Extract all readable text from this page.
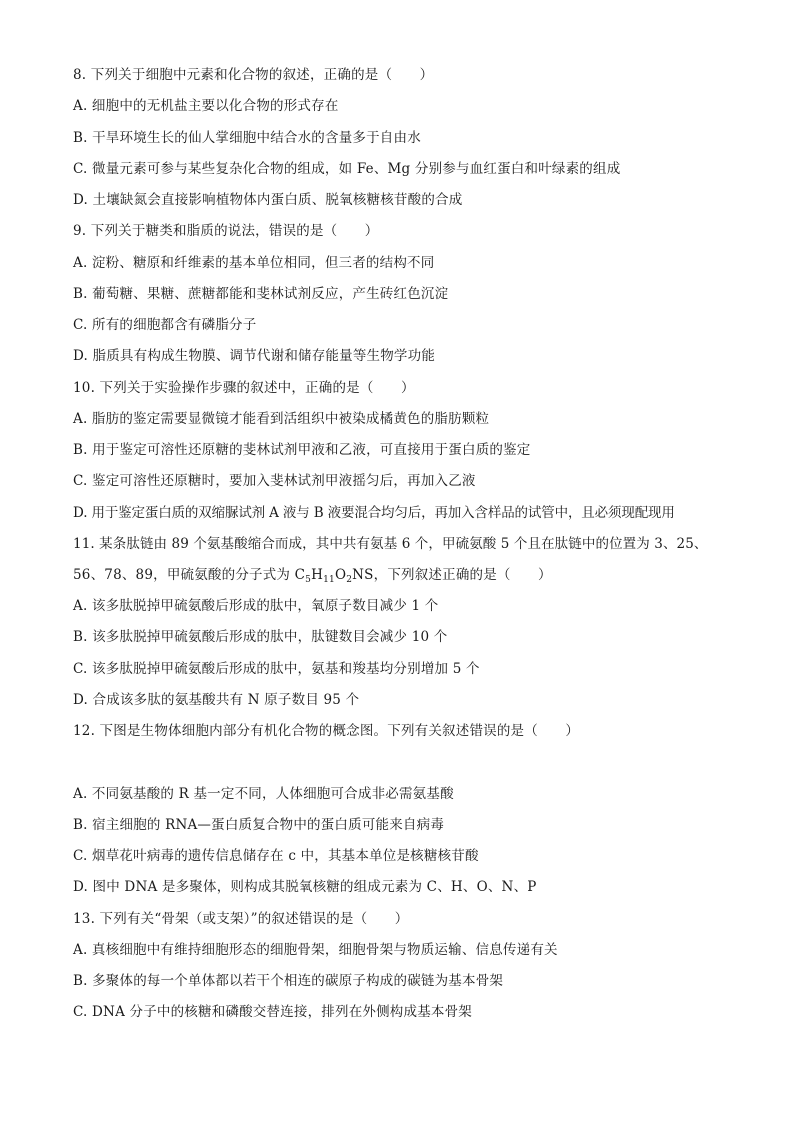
8. 下列关于细胞中元素和化合物的叙述，正确的是（　　）
A. 细胞中的无机盐主要以化合物的形式存在
B. 干旱环境生长的仙人掌细胞中结合水的含量多于自由水
C. 微量元素可参与某些复杂化合物的组成，如 Fe、Mg 分别参与血红蛋白和叶绿素的组成
D. 土壤缺氮会直接影响植物体内蛋白质、脱氧核糖核苷酸的合成
9. 下列关于糖类和脂质的说法，错误的是（　　）
A. 淀粉、糖原和纤维素的基本单位相同，但三者的结构不同
B. 葡萄糖、果糖、蔗糖都能和斐林试剂反应，产生砖红色沉淀
C. 所有的细胞都含有磷脂分子
D. 脂质具有构成生物膜、调节代谢和储存能量等生物学功能
10. 下列关于实验操作步骤的叙述中，正确的是（　　）
A. 脂肪的鉴定需要显微镜才能看到活组织中被染成橘黄色的脂肪颗粒
B. 用于鉴定可溶性还原糖的斐林试剂甲液和乙液，可直接用于蛋白质的鉴定
C. 鉴定可溶性还原糖时，要加入斐林试剂甲液摇匀后，再加入乙液
D. 用于鉴定蛋白质的双缩脲试剂 A 液与 B 液要混合均匀后，再加入含样品的试管中，且必须现配现用
11. 某条肽链由 89 个氨基酸缩合而成，其中共有氨基 6 个，甲硫氨酸 5 个且在肽链中的位置为 3、25、
56、78、89，甲硫氨酸的分子式为 $C_5H_{11}O_2NS$，下列叙述正确的是（　　）
A. 该多肽脱掉甲硫氨酸后形成的肽中，氧原子数目减少 1 个
B. 该多肽脱掉甲硫氨酸后形成的肽中，肽键数目会减少 10 个
C. 该多肽脱掉甲硫氨酸后形成的肽中，氨基和羧基均分别增加 5 个
D. 合成该多肽的氨基酸共有 N 原子数目 95 个
12. 下图是生物体细胞内部分有机化合物的概念图。下列有关叙述错误的是（　　）
A. 不同氨基酸的 R 基一定不同，人体细胞可合成非必需氨基酸
B. 宿主细胞的 RNA—蛋白质复合物中的蛋白质可能来自病毒
C. 烟草花叶病毒的遗传信息储存在 c 中，其基本单位是核糖核苷酸
D. 图中 DNA 是多聚体，则构成其脱氧核糖的组成元素为 C、H、O、N、P
13. 下列有关“骨架（或支架）”的叙述错误的是（　　）
A. 真核细胞中有维持细胞形态的细胞骨架，细胞骨架与物质运输、信息传递有关
B. 多聚体的每一个单体都以若干个相连的碳原子构成的碳链为基本骨架
C. DNA 分子中的核糖和磷酸交替连接，排列在外侧构成基本骨架
